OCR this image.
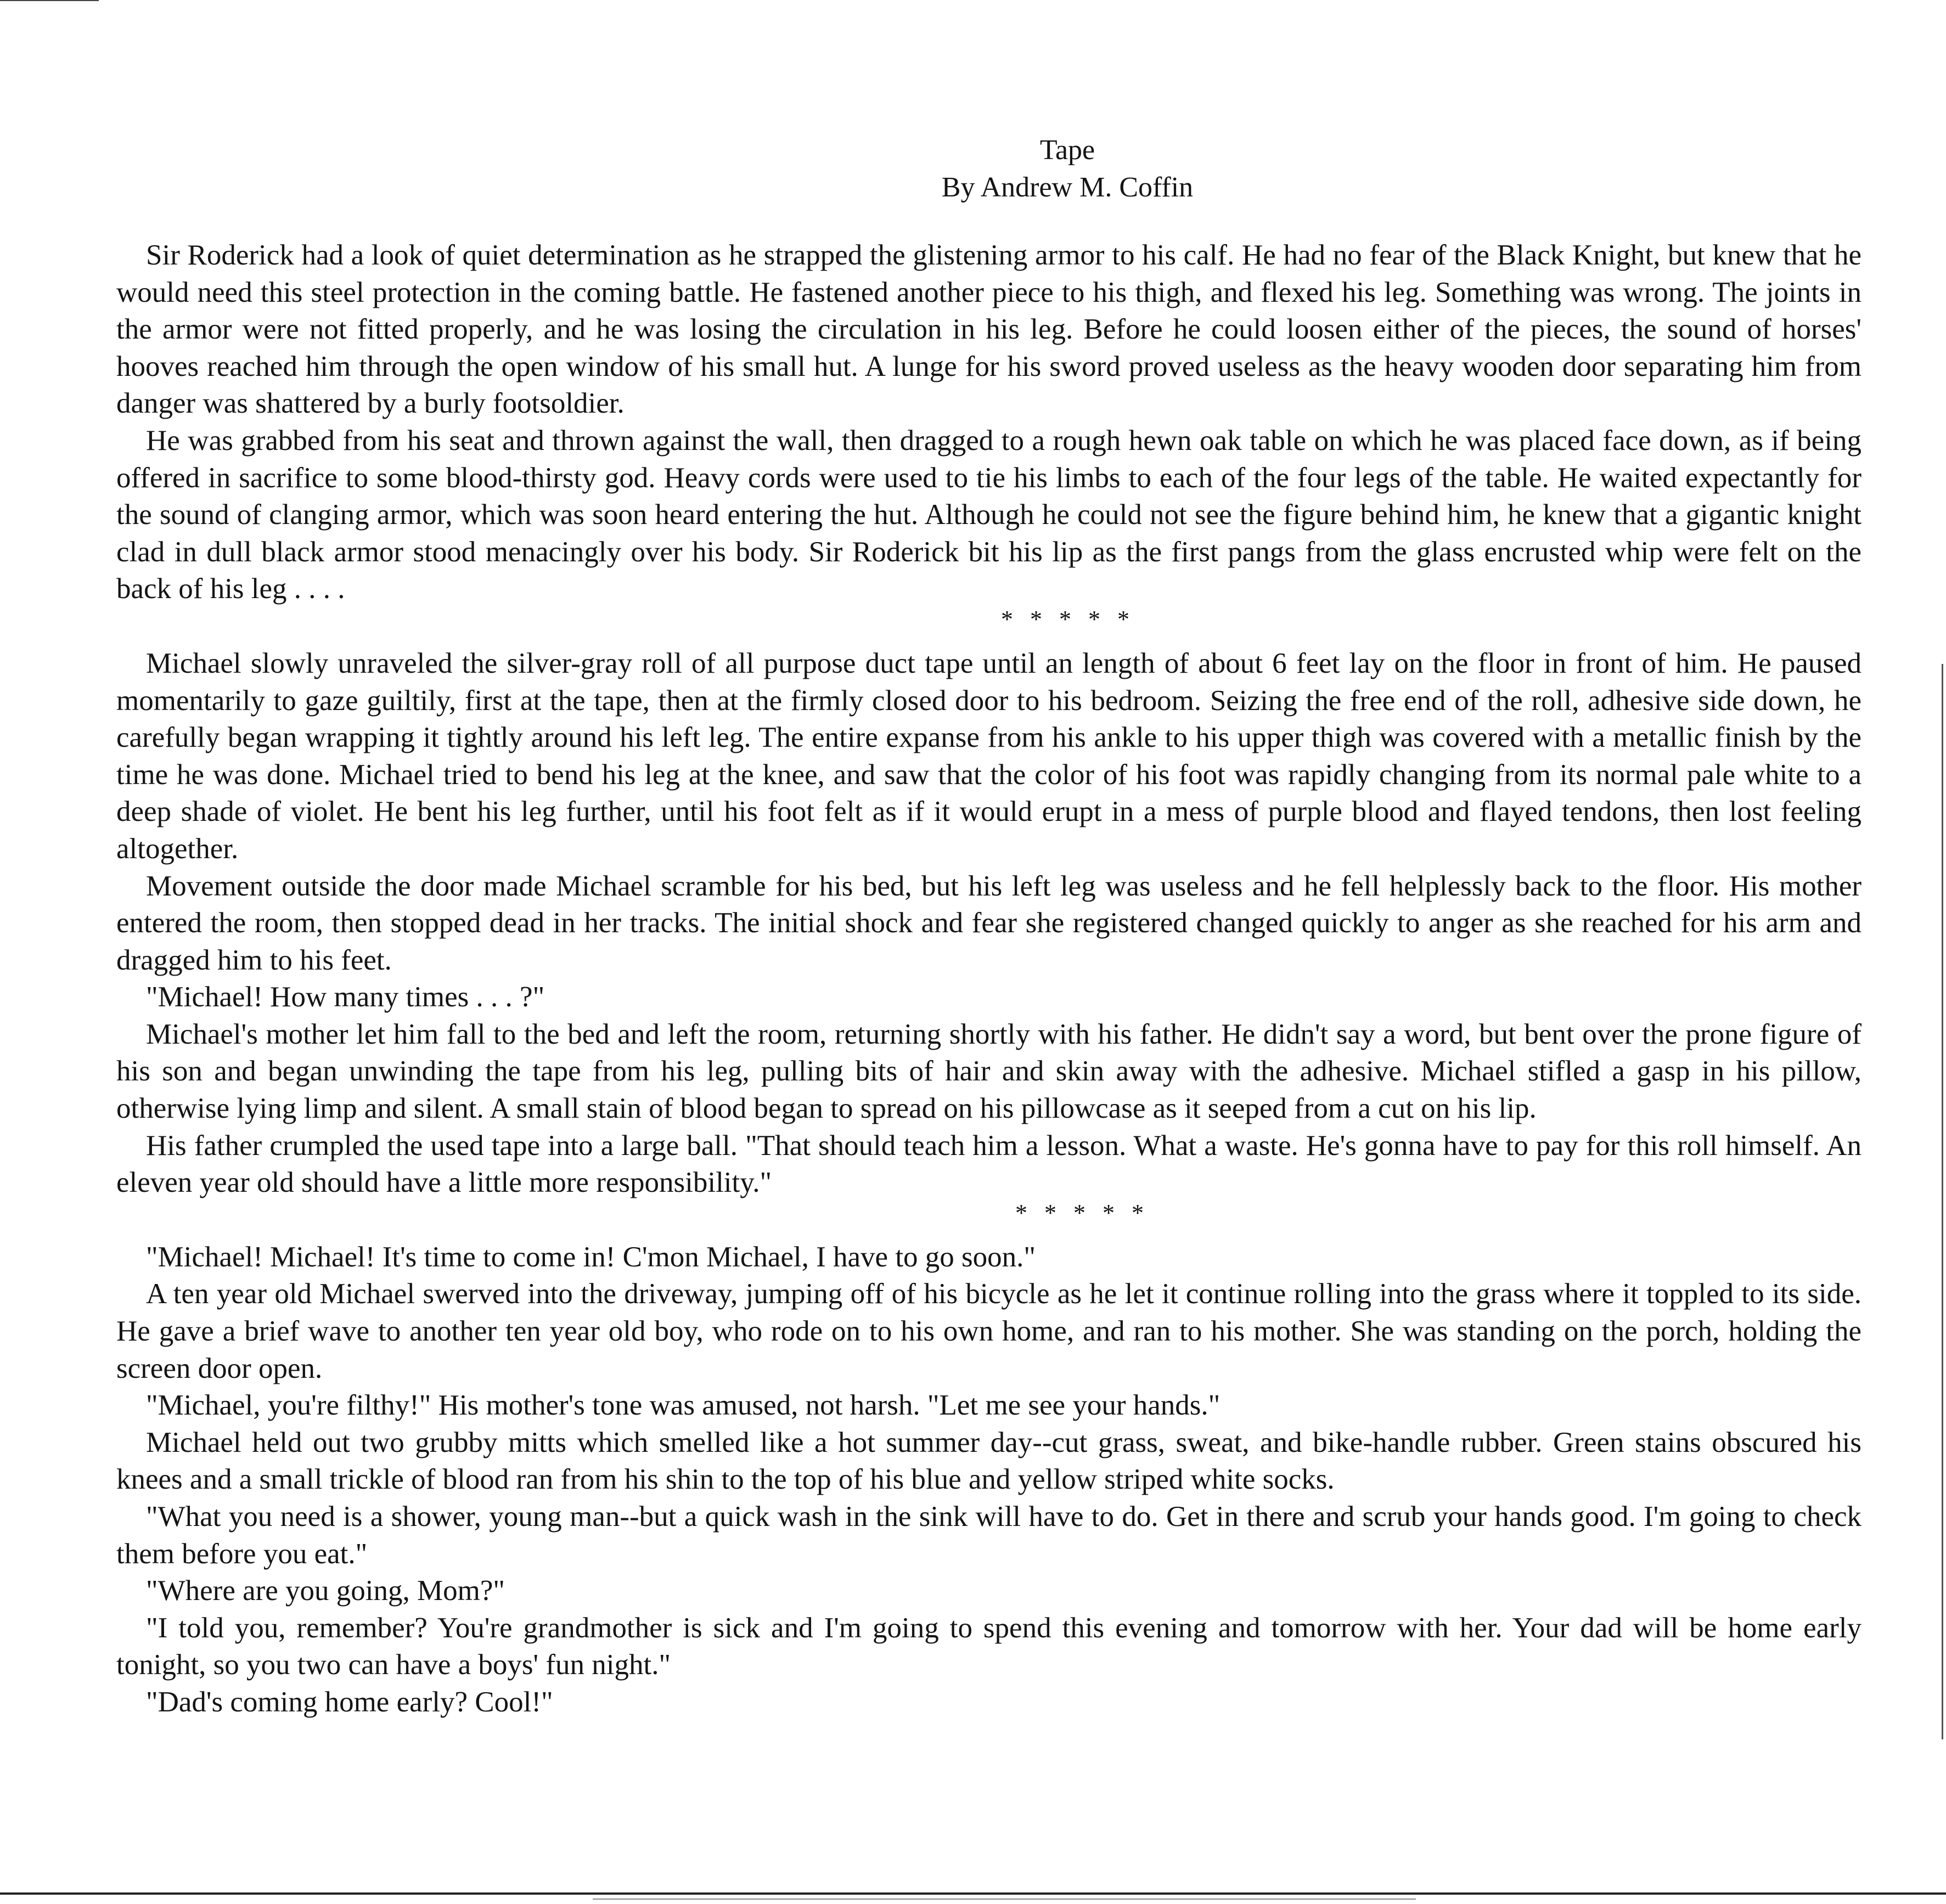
Tape
By Andrew M. Coffin

Sir Roderick had a look of quiet determination as he strapped the glistening armor to his calf. He had no fear of the Black Knight, but knew that he would need this steel protection in the coming battle. He fastened another piece to his thigh, and flexed his leg. Something was wrong. The joints in the armor were not fitted properly, and he was losing the circulation in his leg. Before he could loosen either of the pieces, the sound of horses' hooves reached him through the open window of his small hut. A lunge for his sword proved useless as the heavy wooden door separating him from danger was shattered by a burly footsoldier.

He was grabbed from his seat and thrown against the wall, then dragged to a rough hewn oak table on which he was placed face down, as if being offered in sacrifice to some blood-thirsty god. Heavy cords were used to tie his limbs to each of the four legs of the table. He waited expectantly for the sound of clanging armor, which was soon heard entering the hut. Although he could not see the figure behind him, he knew that a gigantic knight clad in dull black armor stood menacingly over his body. Sir Roderick bit his lip as the first pangs from the glass encrusted whip were felt on the back of his leg . . . .

* * * * *

Michael slowly unraveled the silver-gray roll of all purpose duct tape until an length of about 6 feet lay on the floor in front of him. He paused momentarily to gaze guiltily, first at the tape, then at the firmly closed door to his bedroom. Seizing the free end of the roll, adhesive side down, he carefully began wrapping it tightly around his left leg. The entire expanse from his ankle to his upper thigh was covered with a metallic finish by the time he was done. Michael tried to bend his leg at the knee, and saw that the color of his foot was rapidly changing from its normal pale white to a deep shade of violet. He bent his leg further, until his foot felt as if it would erupt in a mess of purple blood and flayed tendons, then lost feeling altogether.

Movement outside the door made Michael scramble for his bed, but his left leg was useless and he fell helplessly back to the floor. His mother entered the room, then stopped dead in her tracks. The initial shock and fear she registered changed quickly to anger as she reached for his arm and dragged him to his feet.

"Michael! How many times . . . ?"

Michael's mother let him fall to the bed and left the room, returning shortly with his father. He didn't say a word, but bent over the prone figure of his son and began unwinding the tape from his leg, pulling bits of hair and skin away with the adhesive. Michael stifled a gasp in his pillow, otherwise lying limp and silent. A small stain of blood began to spread on his pillowcase as it seeped from a cut on his lip.

His father crumpled the used tape into a large ball. "That should teach him a lesson. What a waste. He's gonna have to pay for this roll himself. An eleven year old should have a little more responsibility."

* * * * *

"Michael! Michael! It's time to come in! C'mon Michael, I have to go soon."

A ten year old Michael swerved into the driveway, jumping off of his bicycle as he let it continue rolling into the grass where it toppled to its side. He gave a brief wave to another ten year old boy, who rode on to his own home, and ran to his mother. She was standing on the porch, holding the screen door open.

"Michael, you're filthy!" His mother's tone was amused, not harsh. "Let me see your hands."

Michael held out two grubby mitts which smelled like a hot summer day--cut grass, sweat, and bike-handle rubber. Green stains obscured his knees and a small trickle of blood ran from his shin to the top of his blue and yellow striped white socks.

"What you need is a shower, young man--but a quick wash in the sink will have to do. Get in there and scrub your hands good. I'm going to check them before you eat."

"Where are you going, Mom?"

"I told you, remember? You're grandmother is sick and I'm going to spend this evening and tomorrow with her. Your dad will be home early tonight, so you two can have a boys' fun night."

"Dad's coming home early? Cool!"
